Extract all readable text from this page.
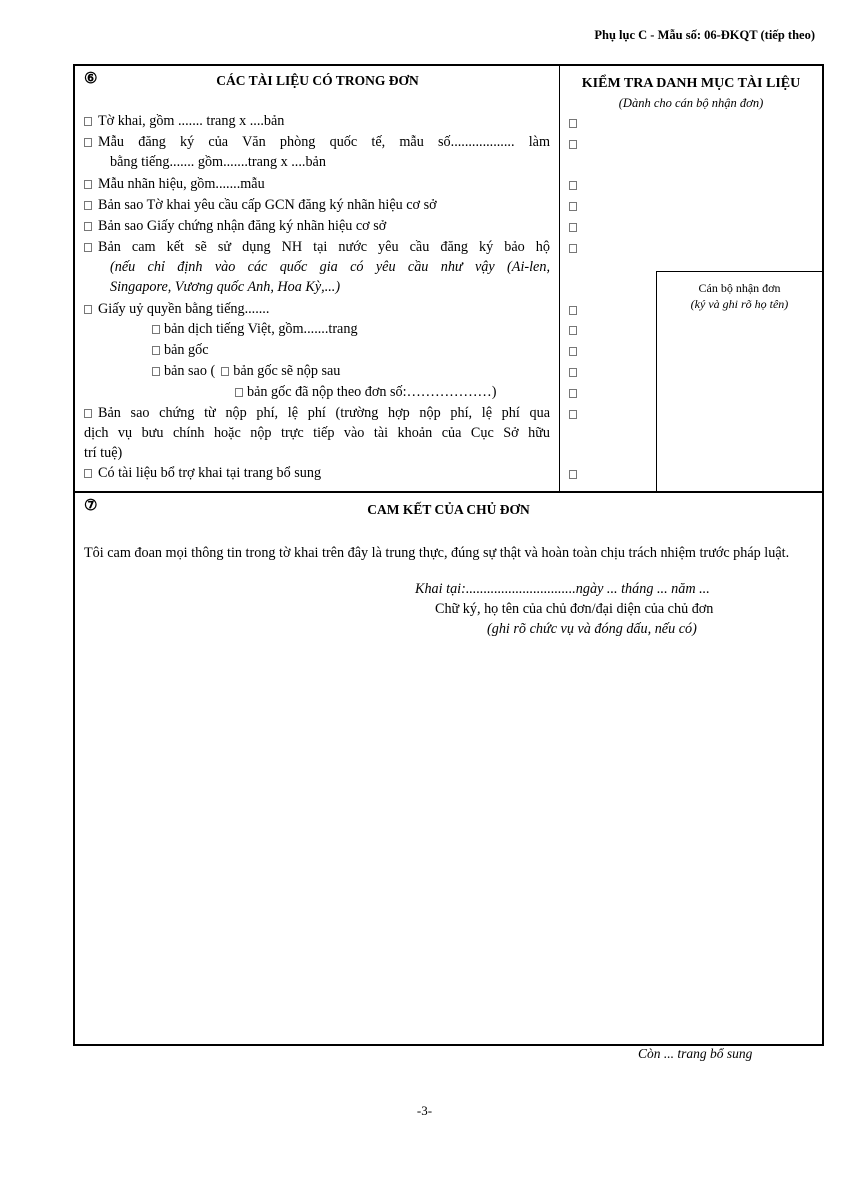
Phụ lục C - Mẫu số: 06-ĐKQT (tiếp theo)
⑥	CÁC TÀI LIỆU CÓ TRONG ĐƠN
Tờ khai, gồm ....... trang x ....bản
Mẫu đăng ký của Văn phòng quốc tế, mẫu số.................. làm
bằng tiếng....... gồm.......trang x ....bản
Mẫu nhãn hiệu, gồm.......mẫu
Bản sao Tờ khai yêu cầu cấp GCN đăng ký nhãn hiệu cơ sở
Bản sao Giấy chứng nhận đăng ký nhãn hiệu cơ sở
Bản cam kết sẽ sử dụng NH tại nước yêu cầu đăng ký bảo hộ
(nếu chỉ định vào các quốc gia có yêu cầu như vậy (Ai-len,
Singapore, Vương quốc Anh, Hoa Kỳ,...)
Giấy uỷ quyền bằng tiếng.......
bản dịch tiếng Việt, gồm.......trang
bản gốc
bản sao ( bản gốc sẽ nộp sau
bản gốc đã nộp theo đơn số:………………)
Bản sao chứng từ nộp phí, lệ phí (trường hợp nộp phí, lệ phí qua
dịch vụ bưu chính hoặc nộp trực tiếp vào tài khoản của Cục Sở hữu
trí tuệ)
Có tài liệu bổ trợ khai tại trang bổ sung
KIỂM TRA DANH MỤC TÀI LIỆU
(Dành cho cán bộ nhận đơn)
Cán bộ nhận đơn
(ký và ghi rõ họ tên)
⑦	CAM KẾT CỦA CHỦ ĐƠN
Tôi cam đoan mọi thông tin trong tờ khai trên đây là trung thực, đúng sự thật và hoàn toàn chịu trách nhiệm trước pháp luật.
Khai tại:...............................ngày ... tháng ... năm ...
Chữ ký, họ tên của chủ đơn/đại diện của chủ đơn
(ghi rõ chức vụ và đóng dấu, nếu có)
Còn ... trang bổ sung
-3-
